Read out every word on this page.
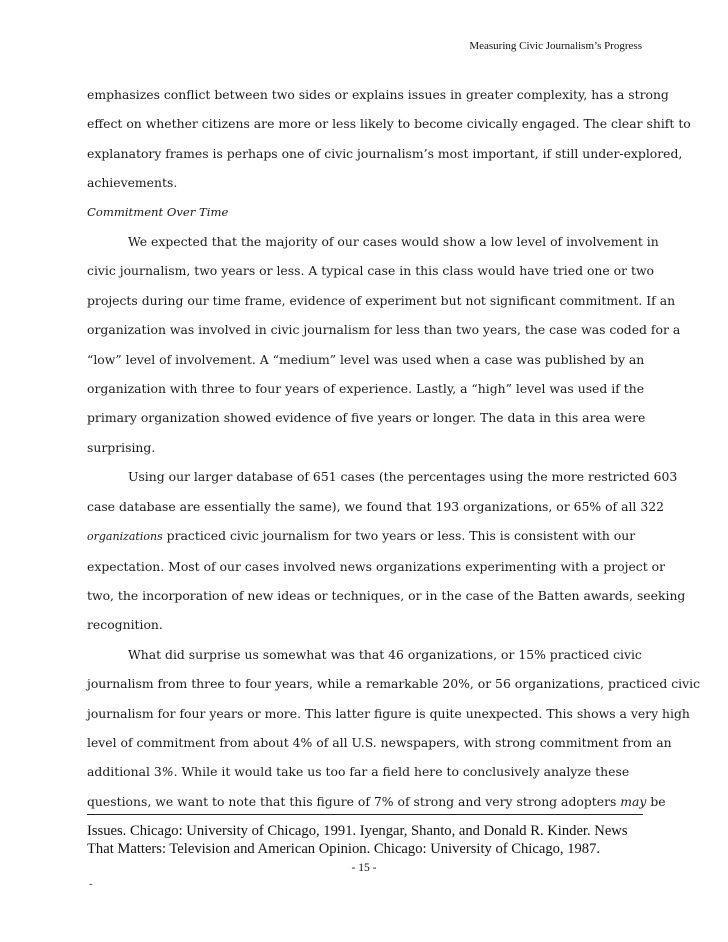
Measuring Civic Journalism’s Progress

emphasizes conflict between two sides or explains issues in greater complexity, has a strong

effect on whether citizens are more or less likely to become civically engaged. The clear shift to

explanatory frames is perhaps one of civic journalism’s most important, if still under-explored,

achievements.

Commitment Over Time

We expected that the majority of our cases would show a low level of involvement in

civic journalism, two years or less. A typical case in this class would have tried one or two

projects during our time frame, evidence of experiment but not significant commitment. If an

organization was involved in civic journalism for less than two years, the case was coded for a

“low” level of involvement. A “medium” level was used when a case was published by an

organization with three to four years of experience. Lastly, a “high” level was used if the

primary organization showed evidence of five years or longer. The data in this area were

surprising.

Using our larger database of 651 cases (the percentages using the more restricted 603

case database are essentially the same), we found that 193 organizations, or 65% of all 322

organizations practiced civic journalism for two years or less. This is consistent with our

expectation. Most of our cases involved news organizations experimenting with a project or

two, the incorporation of new ideas or techniques, or in the case of the Batten awards, seeking

recognition.

What did surprise us somewhat was that 46 organizations, or 15% practiced civic

journalism from three to four years, while a remarkable 20%, or 56 organizations, practiced civic

journalism for four years or more. This latter figure is quite unexpected. This shows a very high

level of commitment from about 4% of all U.S. newspapers, with strong commitment from an

additional 3%. While it would take us too far a field here to conclusively analyze these

questions, we want to note that this figure of 7% of strong and very strong adopters may be

Issues. Chicago: University of Chicago, 1991. Iyengar, Shanto, and Donald R. Kinder. News

That Matters: Television and American Opinion. Chicago: University of Chicago, 1987.

- 15 -
-
